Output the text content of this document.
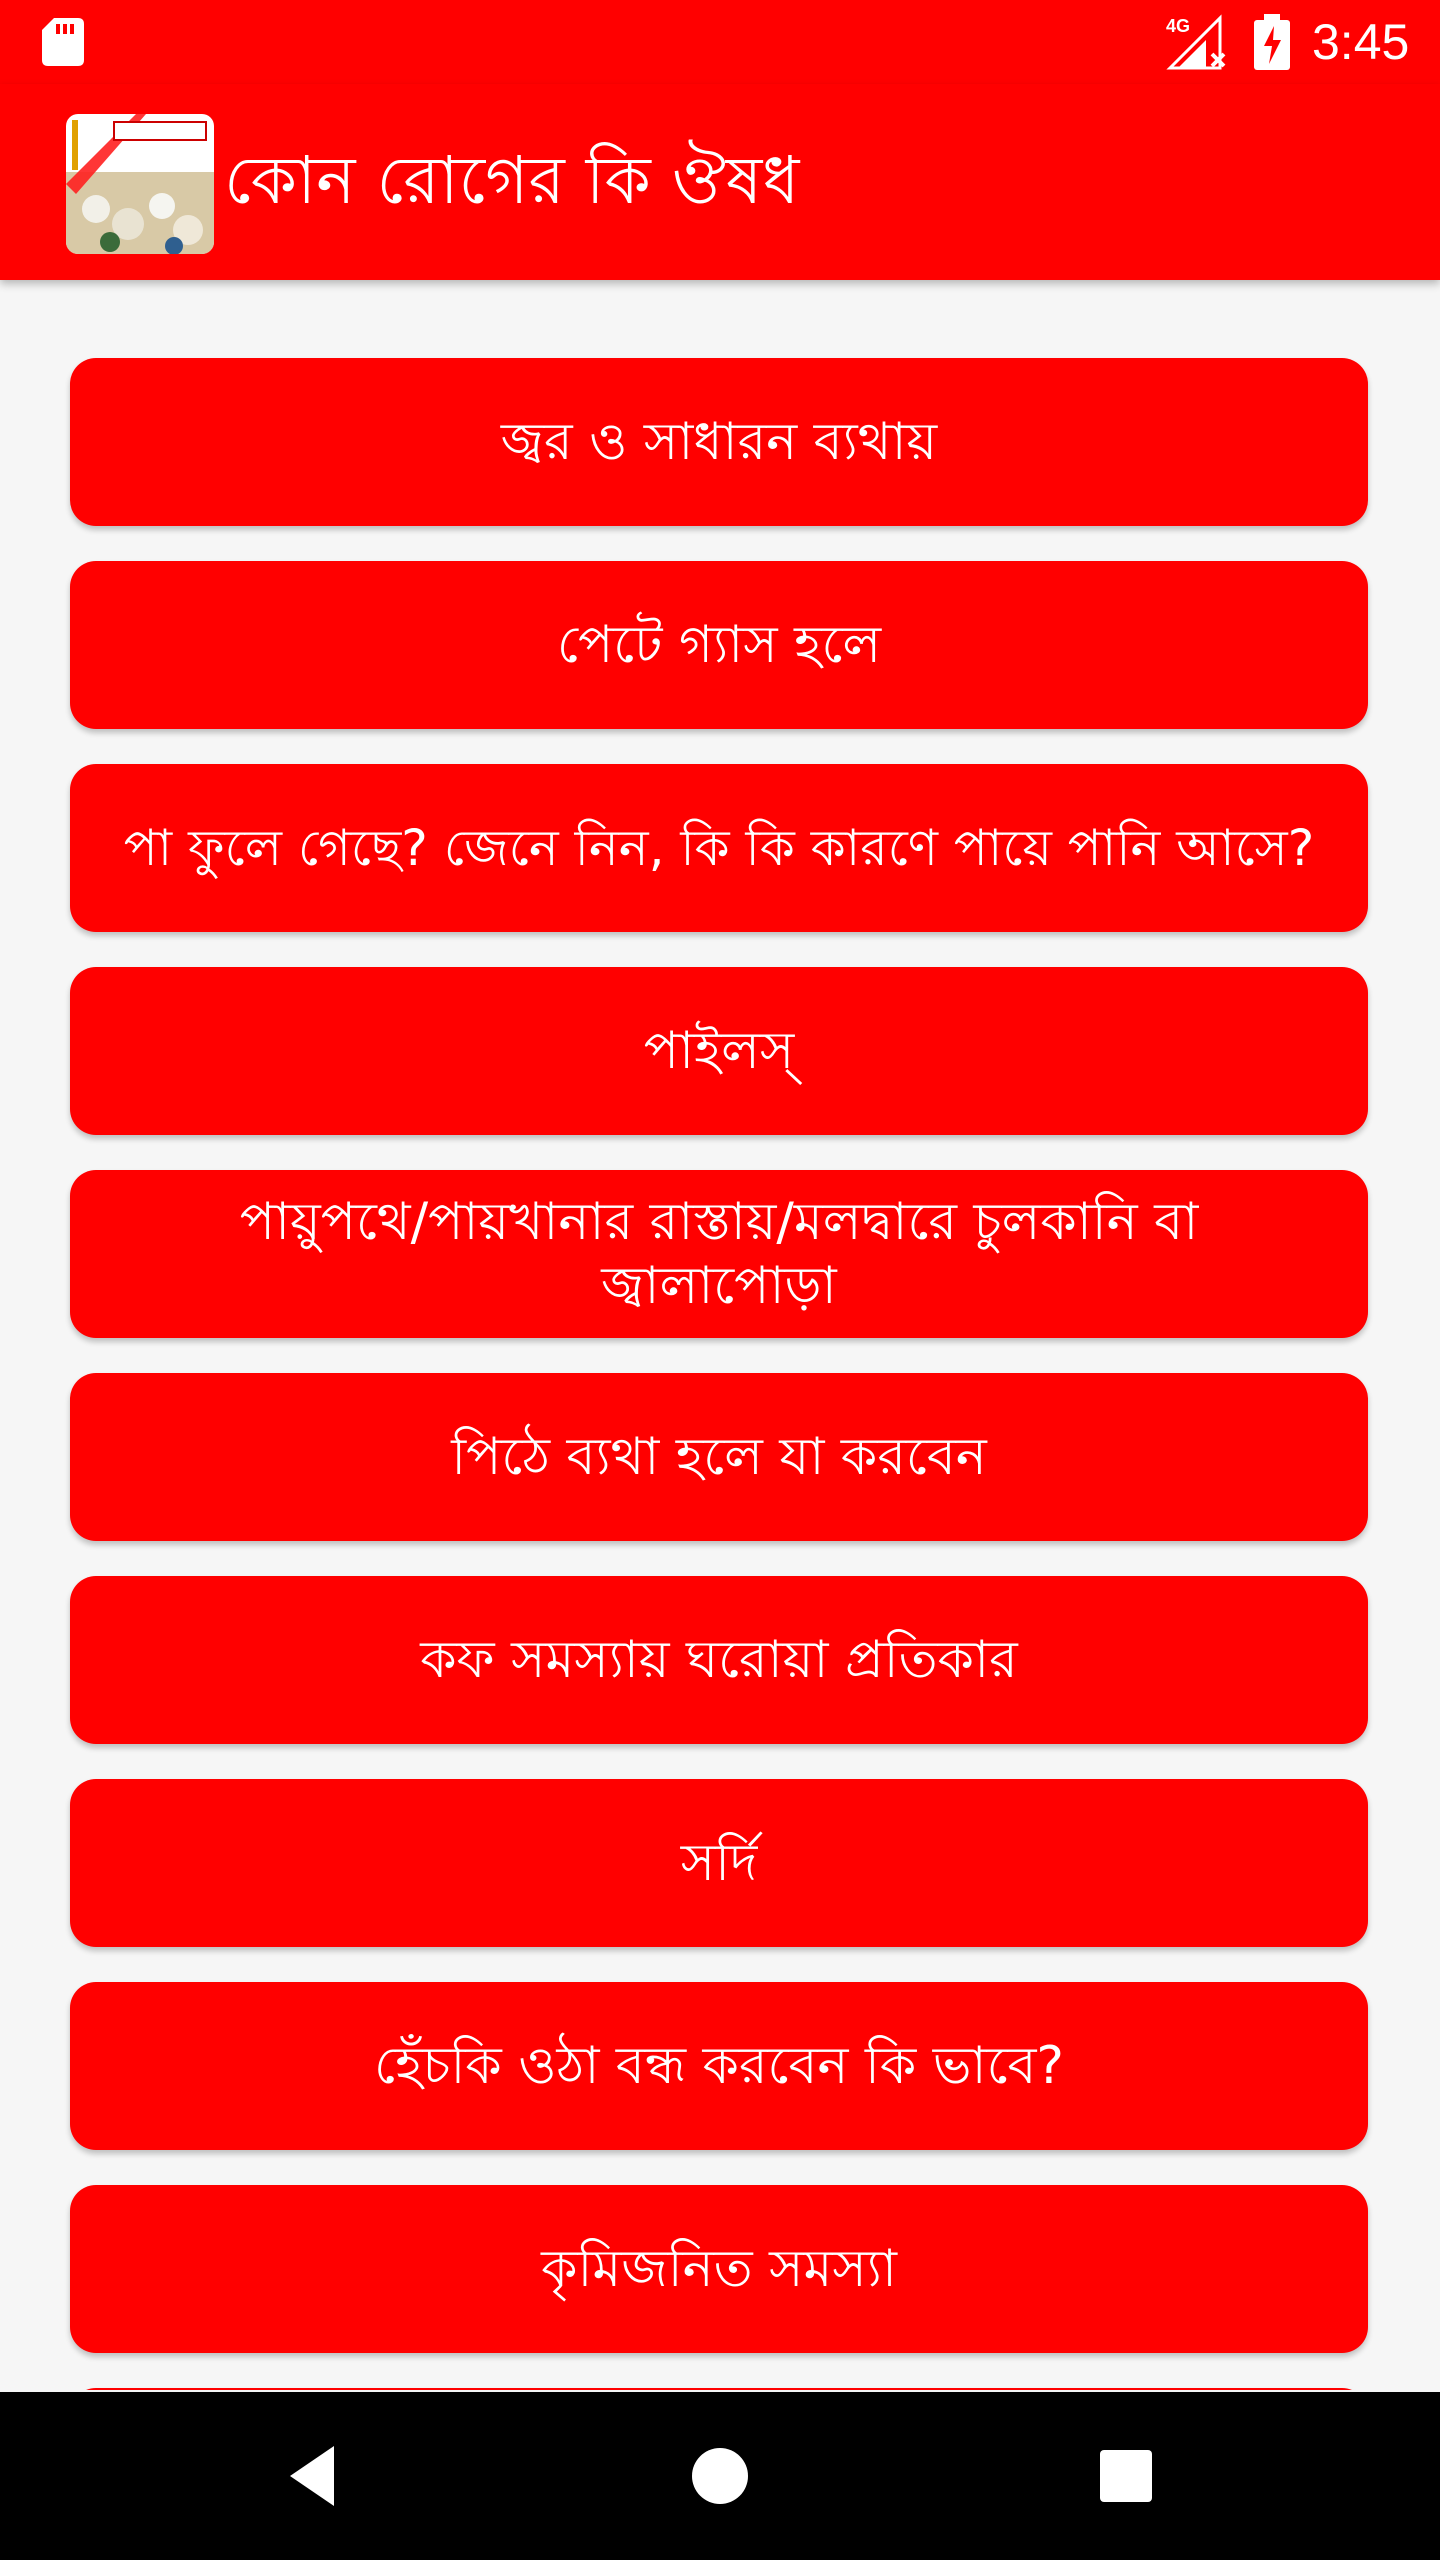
4G 3:45
কোন রোগের কি ঔষধ
জ্বর ও সাধারন ব্যথায়
পেটে গ্যাস হলে
পা ফুলে গেছে? জেনে নিন, কি কি কারণে পায়ে পানি আসে?
পাইলস্
পায়ুপথে/পায়খানার রাস্তায়/মলদ্বারে চুলকানি বা জ্বালাপোড়া
পিঠে ব্যথা হলে যা করবেন
কফ সমস্যায় ঘরোয়া প্রতিকার
সর্দি
হেঁচকি ওঠা বন্ধ করবেন কি ভাবে?
কৃমিজনিত সমস্যা
